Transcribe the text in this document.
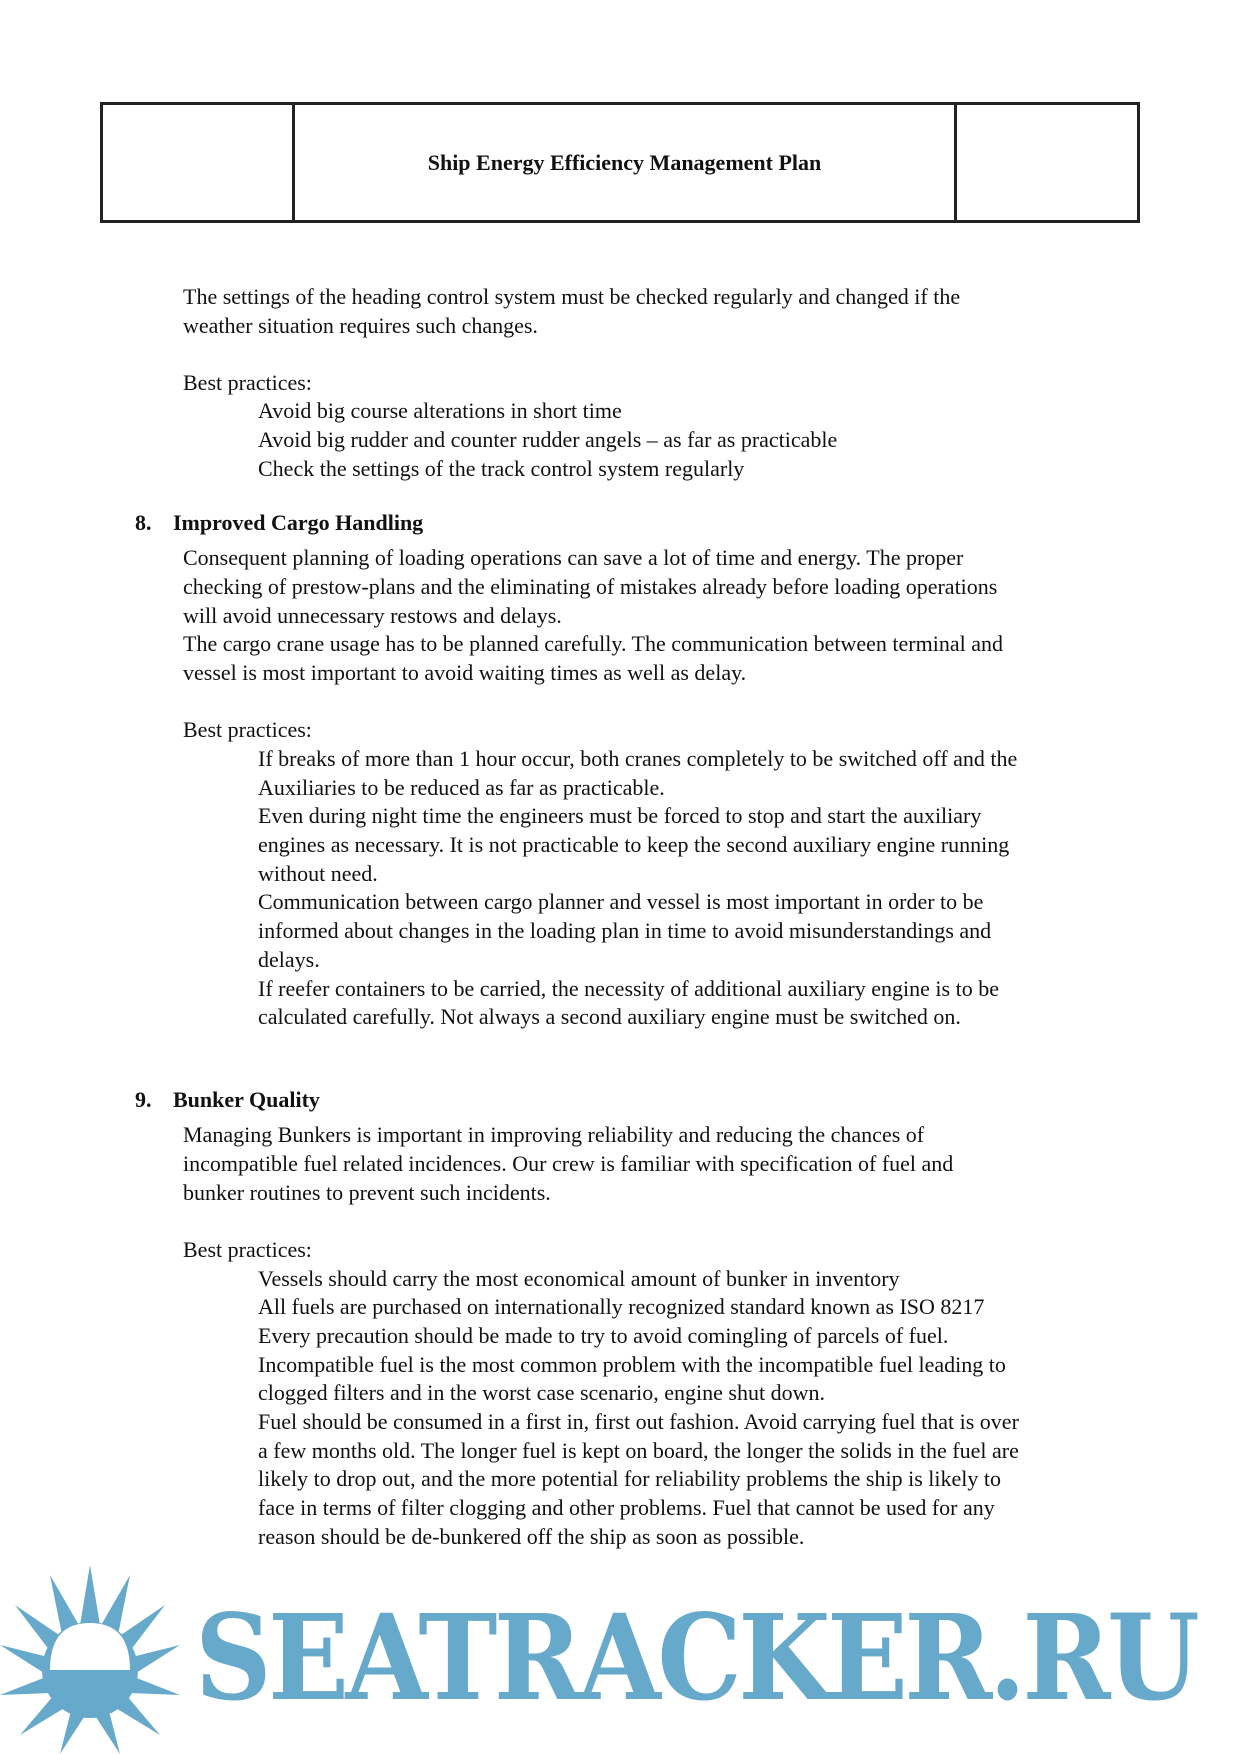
Ship Energy Efficiency Management Plan
The settings of the heading control system must be checked regularly and changed if the
weather situation requires such changes.
Best practices:
Avoid big course alterations in short time
Avoid big rudder and counter rudder angels – as far as practicable
Check the settings of the track control system regularly
8. Improved Cargo Handling
Consequent planning of loading operations can save a lot of time and energy. The proper
checking of prestow-plans and the eliminating of mistakes already before loading operations
will avoid unnecessary restows and delays.
The cargo crane usage has to be planned carefully. The communication between terminal and
vessel is most important to avoid waiting times as well as delay.
Best practices:
If breaks of more than 1 hour occur, both cranes completely to be switched off and the
Auxiliaries to be reduced as far as practicable.
Even during night time the engineers must be forced to stop and start the auxiliary
engines as necessary. It is not practicable to keep the second auxiliary engine running
without need.
Communication between cargo planner and vessel is most important in order to be
informed about changes in the loading plan in time to avoid misunderstandings and
delays.
If reefer containers to be carried, the necessity of additional auxiliary engine is to be
calculated carefully. Not always a second auxiliary engine must be switched on.
9. Bunker Quality
Managing Bunkers is important in improving reliability and reducing the chances of
incompatible fuel related incidences. Our crew is familiar with specification of fuel and
bunker routines to prevent such incidents.
Best practices:
Vessels should carry the most economical amount of bunker in inventory
All fuels are purchased on internationally recognized standard known as ISO 8217
Every precaution should be made to try to avoid comingling of parcels of fuel.
Incompatible fuel is the most common problem with the incompatible fuel leading to
clogged filters and in the worst case scenario, engine shut down.
Fuel should be consumed in a first in, first out fashion. Avoid carrying fuel that is over
a few months old. The longer fuel is kept on board, the longer the solids in the fuel are
likely to drop out, and the more potential for reliability problems the ship is likely to
face in terms of filter clogging and other problems. Fuel that cannot be used for any
reason should be de-bunkered off the ship as soon as possible.
SEATRACKER.RU
